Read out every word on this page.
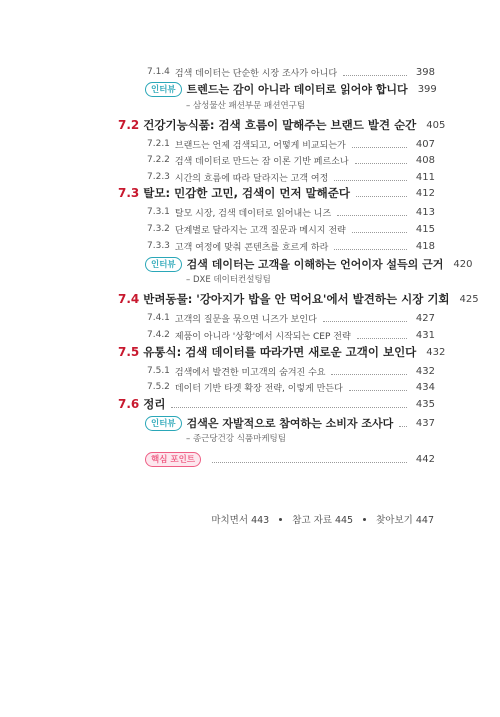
7.1.4 검색 데이터는 단순한 시장 조사가 아니다	398
인터뷰	트렌드는 감이 아니라 데이터로 읽어야 합니다 399
– 삼성물산 패션부문 패션연구팀
7.2 건강기능식품: 검색 흐름이 말해주는 브랜드 발견 순간 405
7.2.1 브랜드는 언제 검색되고, 어떻게 비교되는가	407
7.2.2 검색 데이터로 만드는 잠 이론 기반 페르소나	408
7.2.3 시간의 흐름에 따라 달라지는 고객 여정	411
7.3 탈모: 민감한 고민, 검색이 먼저 말해준다	412
7.3.1 탈모 시장, 검색 데이터로 읽어내는 니즈	413
7.3.2 단계별로 달라지는 고객 질문과 메시지 전략	415
7.3.3 고객 여정에 맞춰 콘텐츠를 흐르게 하라	418
인터뷰	검색 데이터는 고객을 이해하는 언어이자 설득의 근거 420
– DXE 데이터컨설팅팀
7.4 반려동물: '강아지가 밥을 안 먹어요'에서 발견하는 시장 기회 425
7.4.1 고객의 질문을 묶으면 니즈가 보인다	427
7.4.2 제품이 아니라 '상황'에서 시작되는 CEP 전략	431
7.5 유통식: 검색 데이터를 따라가면 새로운 고객이 보인다 432
7.5.1 검색에서 발견한 미고객의 숨겨진 수요	432
7.5.2 데이터 기반 타겟 확장 전략, 이렇게 만든다	434
7.6 정리	435
인터뷰	검색은 자발적으로 참여하는 소비자 조사다	437
– 종근당건강 식품마케팅팀
핵심 포인트	442
마치면서 443 참고 자료 445 찾아보기 447
